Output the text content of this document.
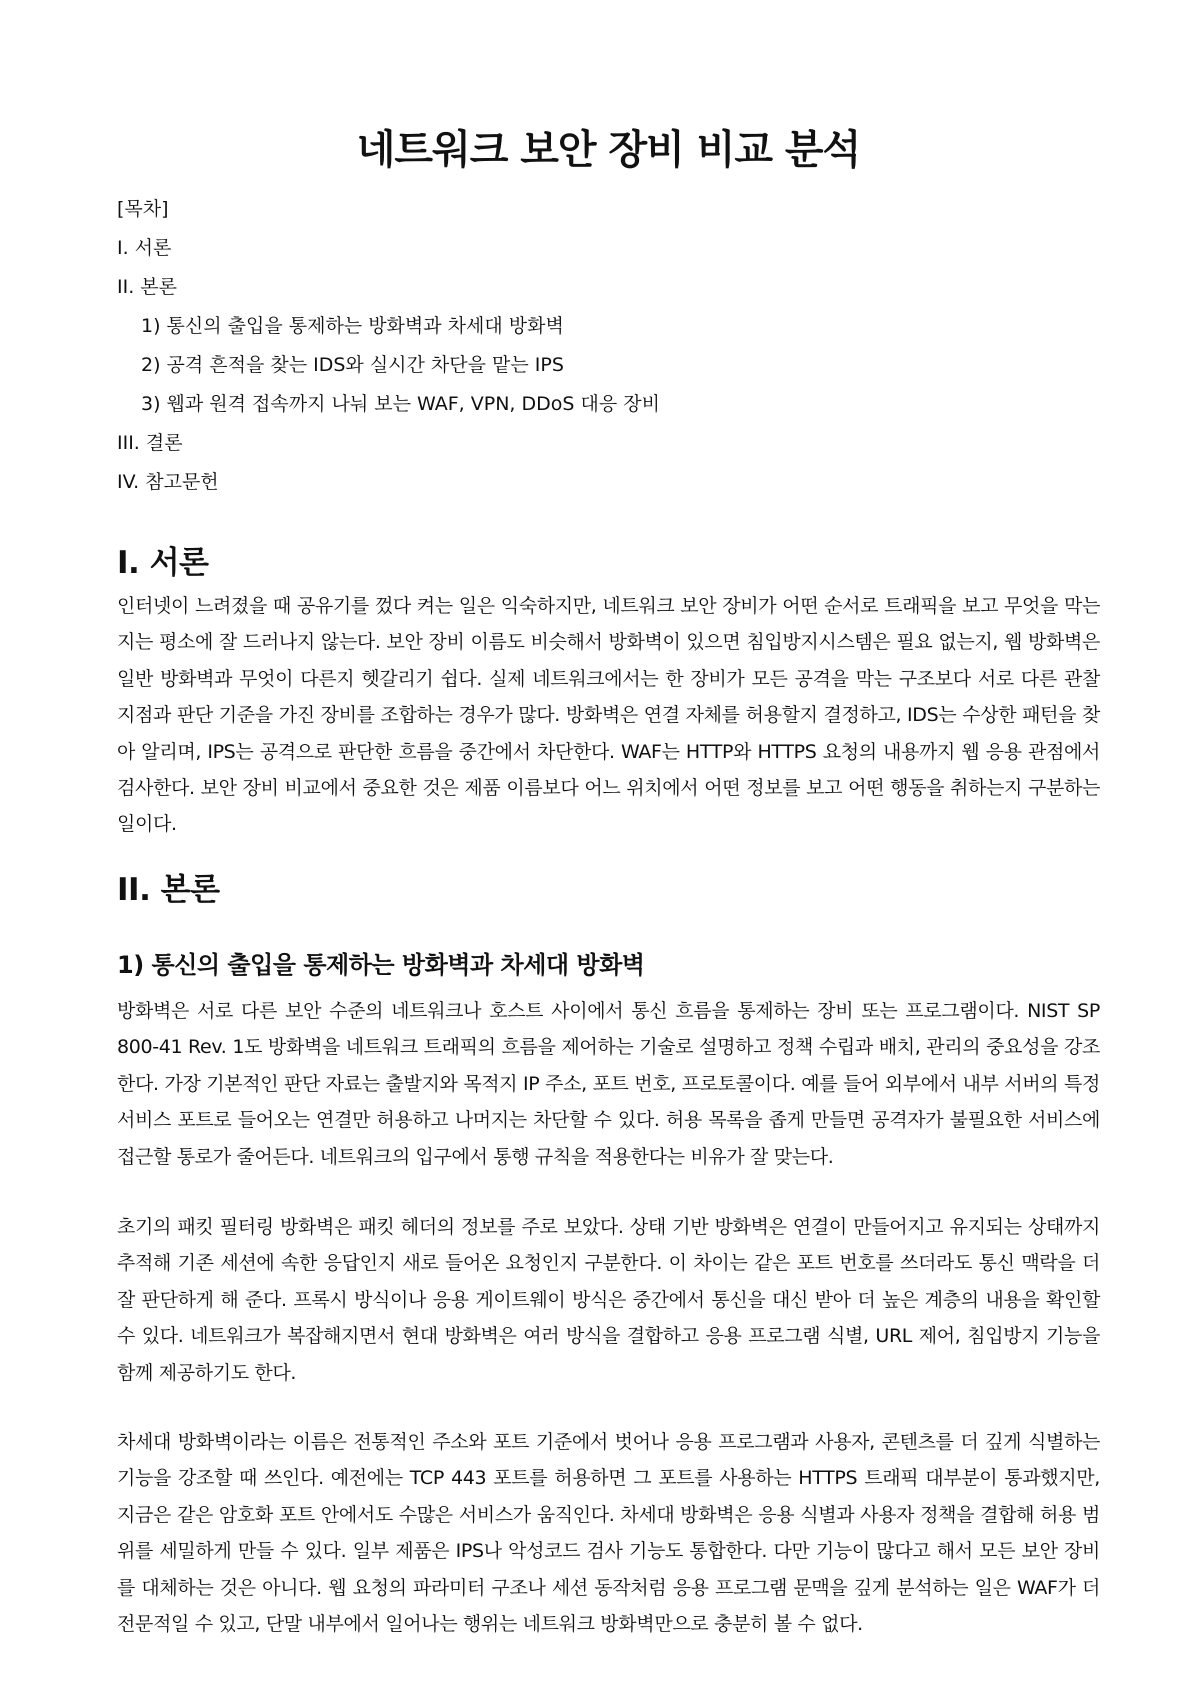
네트워크 보안 장비 비교 분석
[목차]
I. 서론
II. 본론
1) 통신의 출입을 통제하는 방화벽과 차세대 방화벽
2) 공격 흔적을 찾는 IDS와 실시간 차단을 맡는 IPS
3) 웹과 원격 접속까지 나눠 보는 WAF, VPN, DDoS 대응 장비
III. 결론
IV. 참고문헌
I. 서론

인터넷이 느려졌을 때 공유기를 껐다 켜는 일은 익숙하지만, 네트워크 보안 장비가 어떤 순서로 트래픽을 보고 무엇을 막는지는 평소에 잘 드러나지 않는다. 보안 장비 이름도 비슷해서 방화벽이 있으면 침입방지시스템은 필요 없는지, 웹 방화벽은 일반 방화벽과 무엇이 다른지 헷갈리기 쉽다. 실제 네트워크에서는 한 장비가 모든 공격을 막는 구조보다 서로 다른 관찰 지점과 판단 기준을 가진 장비를 조합하는 경우가 많다. 방화벽은 연결 자체를 허용할지 결정하고, IDS는 수상한 패턴을 찾아 알리며, IPS는 공격으로 판단한 흐름을 중간에서 차단한다. WAF는 HTTP와 HTTPS 요청의 내용까지 웹 응용 관점에서 검사한다. 보안 장비 비교에서 중요한 것은 제품 이름보다 어느 위치에서 어떤 정보를 보고 어떤 행동을 취하는지 구분하는 일이다.

II. 본론
1) 통신의 출입을 통제하는 방화벽과 차세대 방화벽

방화벽은 서로 다른 보안 수준의 네트워크나 호스트 사이에서 통신 흐름을 통제하는 장비 또는 프로그램이다. NIST SP 800-41 Rev. 1도 방화벽을 네트워크 트래픽의 흐름을 제어하는 기술로 설명하고 정책 수립과 배치, 관리의 중요성을 강조한다. 가장 기본적인 판단 자료는 출발지와 목적지 IP 주소, 포트 번호, 프로토콜이다. 예를 들어 외부에서 내부 서버의 특정 서비스 포트로 들어오는 연결만 허용하고 나머지는 차단할 수 있다. 허용 목록을 좁게 만들면 공격자가 불필요한 서비스에 접근할 통로가 줄어든다. 네트워크의 입구에서 통행 규칙을 적용한다는 비유가 잘 맞는다.

초기의 패킷 필터링 방화벽은 패킷 헤더의 정보를 주로 보았다. 상태 기반 방화벽은 연결이 만들어지고 유지되는 상태까지 추적해 기존 세션에 속한 응답인지 새로 들어온 요청인지 구분한다. 이 차이는 같은 포트 번호를 쓰더라도 통신 맥락을 더 잘 판단하게 해 준다. 프록시 방식이나 응용 게이트웨이 방식은 중간에서 통신을 대신 받아 더 높은 계층의 내용을 확인할 수 있다. 네트워크가 복잡해지면서 현대 방화벽은 여러 방식을 결합하고 응용 프로그램 식별, URL 제어, 침입방지 기능을 함께 제공하기도 한다.

차세대 방화벽이라는 이름은 전통적인 주소와 포트 기준에서 벗어나 응용 프로그램과 사용자, 콘텐츠를 더 깊게 식별하는 기능을 강조할 때 쓰인다. 예전에는 TCP 443 포트를 허용하면 그 포트를 사용하는 HTTPS 트래픽 대부분이 통과했지만, 지금은 같은 암호화 포트 안에서도 수많은 서비스가 움직인다. 차세대 방화벽은 응용 식별과 사용자 정책을 결합해 허용 범위를 세밀하게 만들 수 있다. 일부 제품은 IPS나 악성코드 검사 기능도 통합한다. 다만 기능이 많다고 해서 모든 보안 장비를 대체하는 것은 아니다. 웹 요청의 파라미터 구조나 세션 동작처럼 응용 프로그램 문맥을 깊게 분석하는 일은 WAF가 더 전문적일 수 있고, 단말 내부에서 일어나는 행위는 네트워크 방화벽만으로 충분히 볼 수 없다.
